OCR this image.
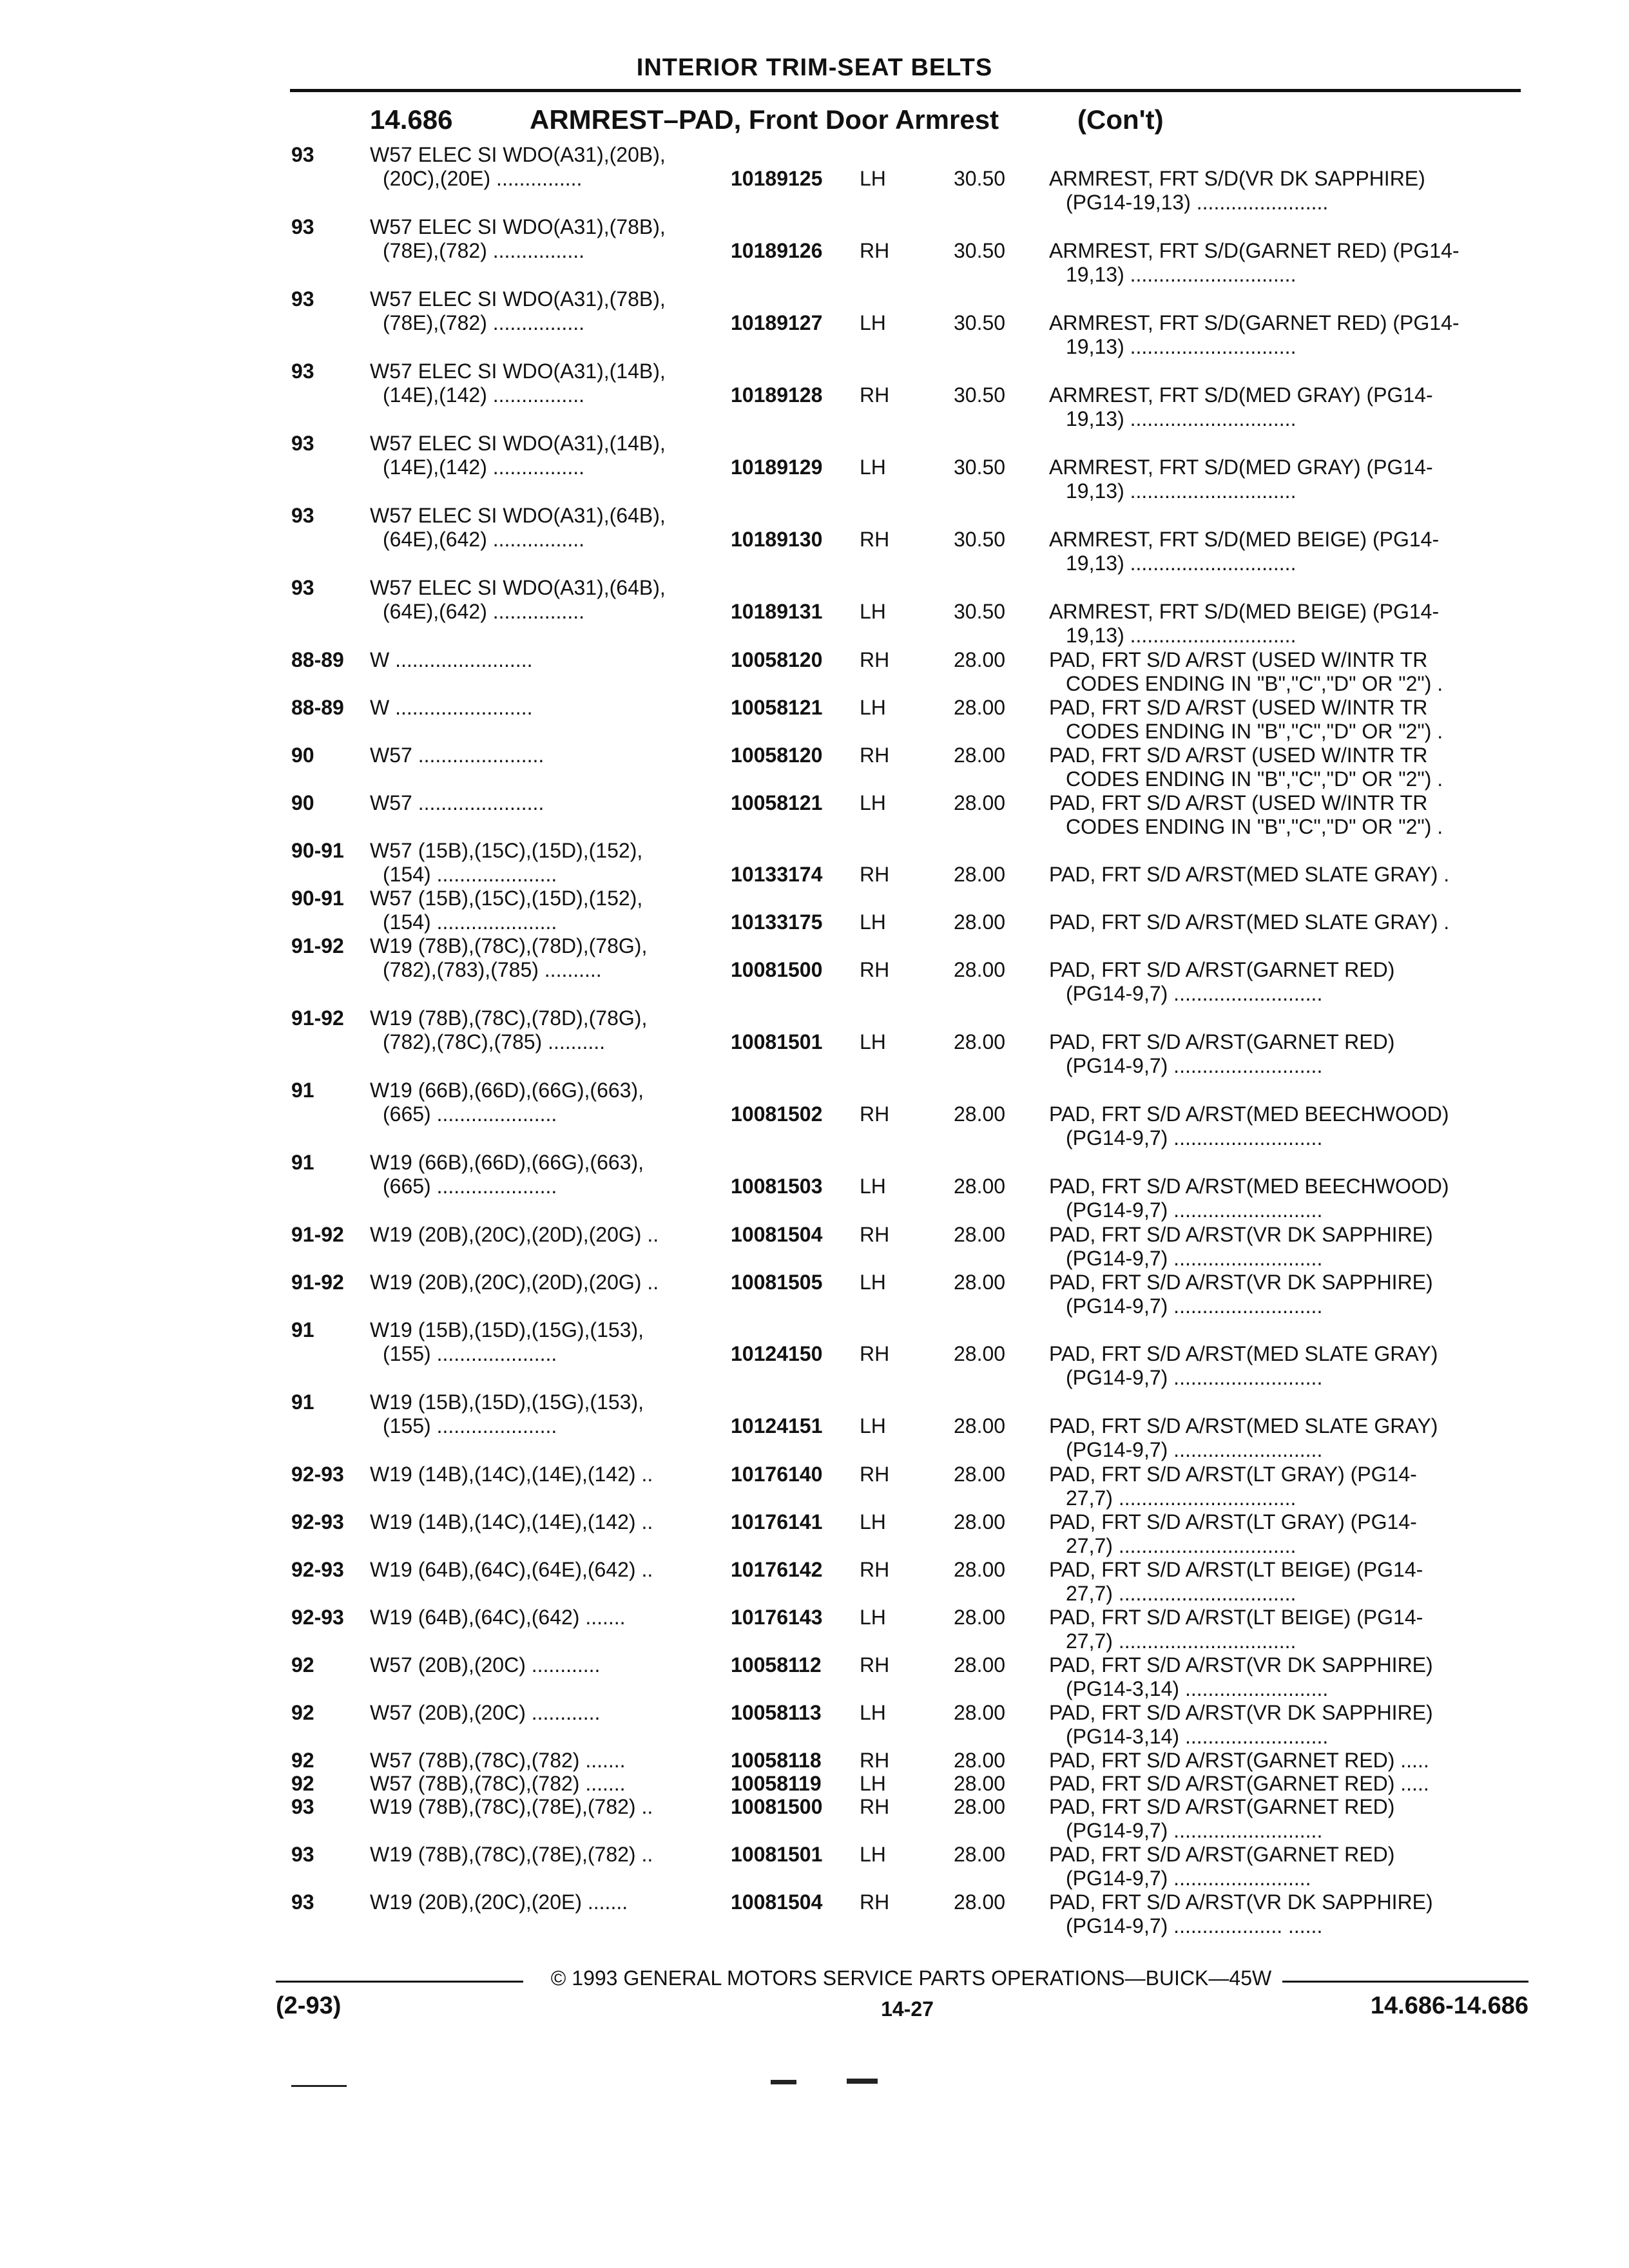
INTERIOR TRIM-SEAT BELTS
14.686	ARMREST–PAD, Front Door Armrest	(Con't)
93	W57 ELEC SI WDO(A31),(20B),
(20C),(20E) ...............	10189125 LH	30.50 ARMREST, FRT S/D(VR DK SAPPHIRE)
(PG14-19,13) .......................
93	W57 ELEC SI WDO(A31),(78B),
(78E),(782) ................	10189126 RH	30.50 ARMREST, FRT S/D(GARNET RED) (PG14-
19,13) .............................
93	W57 ELEC SI WDO(A31),(78B),
(78E),(782) ................	10189127 LH	30.50 ARMREST, FRT S/D(GARNET RED) (PG14-
19,13) .............................
93	W57 ELEC SI WDO(A31),(14B),
(14E),(142) ................	10189128 RH	30.50 ARMREST, FRT S/D(MED GRAY) (PG14-
19,13) .............................
93	W57 ELEC SI WDO(A31),(14B),
(14E),(142) ................	10189129 LH	30.50 ARMREST, FRT S/D(MED GRAY) (PG14-
19,13) .............................
93	W57 ELEC SI WDO(A31),(64B),
(64E),(642) ................	10189130 RH	30.50 ARMREST, FRT S/D(MED BEIGE) (PG14-
19,13) .............................
93	W57 ELEC SI WDO(A31),(64B),
(64E),(642) ................	10189131 LH	30.50 ARMREST, FRT S/D(MED BEIGE) (PG14-
19,13) .............................
88-89 W ........................	10058120 RH	28.00 PAD, FRT S/D A/RST (USED W/INTR TR
CODES ENDING IN "B","C","D" OR "2") .
88-89 W ........................	10058121 LH	28.00 PAD, FRT S/D A/RST (USED W/INTR TR
CODES ENDING IN "B","C","D" OR "2") .
90	W57 ......................	10058120 RH	28.00 PAD, FRT S/D A/RST (USED W/INTR TR
CODES ENDING IN "B","C","D" OR "2") .
90	W57 ......................	10058121 LH	28.00 PAD, FRT S/D A/RST (USED W/INTR TR
CODES ENDING IN "B","C","D" OR "2") .
90-91 W57 (15B),(15C),(15D),(152),
(154) .....................	10133174 RH	28.00 PAD, FRT S/D A/RST(MED SLATE GRAY) .
90-91 W57 (15B),(15C),(15D),(152),
(154) .....................	10133175 LH	28.00 PAD, FRT S/D A/RST(MED SLATE GRAY) .
91-92 W19 (78B),(78C),(78D),(78G),
(782),(783),(785) ..........	10081500 RH	28.00 PAD, FRT S/D A/RST(GARNET RED)
(PG14-9,7) ..........................
91-92 W19 (78B),(78C),(78D),(78G),
(782),(78C),(785) ..........	10081501 LH	28.00 PAD, FRT S/D A/RST(GARNET RED)
(PG14-9,7) ..........................
91	W19 (66B),(66D),(66G),(663),
(665) .....................	10081502 RH	28.00 PAD, FRT S/D A/RST(MED BEECHWOOD)
(PG14-9,7) ..........................
91	W19 (66B),(66D),(66G),(663),
(665) .....................	10081503 LH	28.00 PAD, FRT S/D A/RST(MED BEECHWOOD)
(PG14-9,7) ..........................
91-92 W19 (20B),(20C),(20D),(20G) ..	10081504 RH	28.00 PAD, FRT S/D A/RST(VR DK SAPPHIRE)
(PG14-9,7) ..........................
91-92 W19 (20B),(20C),(20D),(20G) ..	10081505 LH	28.00 PAD, FRT S/D A/RST(VR DK SAPPHIRE)
(PG14-9,7) ..........................
91	W19 (15B),(15D),(15G),(153),
(155) .....................	10124150 RH	28.00 PAD, FRT S/D A/RST(MED SLATE GRAY)
(PG14-9,7) ..........................
91	W19 (15B),(15D),(15G),(153),
(155) .....................	10124151 LH	28.00 PAD, FRT S/D A/RST(MED SLATE GRAY)
(PG14-9,7) ..........................
92-93 W19 (14B),(14C),(14E),(142) ..	10176140 RH	28.00 PAD, FRT S/D A/RST(LT GRAY) (PG14-
27,7) ...............................
92-93 W19 (14B),(14C),(14E),(142) ..	10176141 LH	28.00 PAD, FRT S/D A/RST(LT GRAY) (PG14-
27,7) ...............................
92-93 W19 (64B),(64C),(64E),(642) ..	10176142 RH	28.00 PAD, FRT S/D A/RST(LT BEIGE) (PG14-
27,7) ...............................
92-93 W19 (64B),(64C),(642) .......	10176143 LH	28.00 PAD, FRT S/D A/RST(LT BEIGE) (PG14-
27,7) ...............................
92	W57 (20B),(20C) ............	10058112 RH	28.00 PAD, FRT S/D A/RST(VR DK SAPPHIRE)
(PG14-3,14) .........................
92	W57 (20B),(20C) ............	10058113 LH	28.00 PAD, FRT S/D A/RST(VR DK SAPPHIRE)
(PG14-3,14) .........................
92	W57 (78B),(78C),(782) .......	10058118 RH	28.00 PAD, FRT S/D A/RST(GARNET RED) .....
92	W57 (78B),(78C),(782) .......	10058119 LH	28.00 PAD, FRT S/D A/RST(GARNET RED) .....
93	W19 (78B),(78C),(78E),(782) ..	10081500 RH	28.00 PAD, FRT S/D A/RST(GARNET RED)
(PG14-9,7) ..........................
93	W19 (78B),(78C),(78E),(782) ..	10081501 LH	28.00 PAD, FRT S/D A/RST(GARNET RED)
(PG14-9,7) ........................
93	W19 (20B),(20C),(20E) .......	10081504 RH	28.00 PAD, FRT S/D A/RST(VR DK SAPPHIRE)
(PG14-9,7) ................... ......
© 1993 GENERAL MOTORS SERVICE PARTS OPERATIONS—BUICK—45W
(2-93)	14-27	14.686-14.686
